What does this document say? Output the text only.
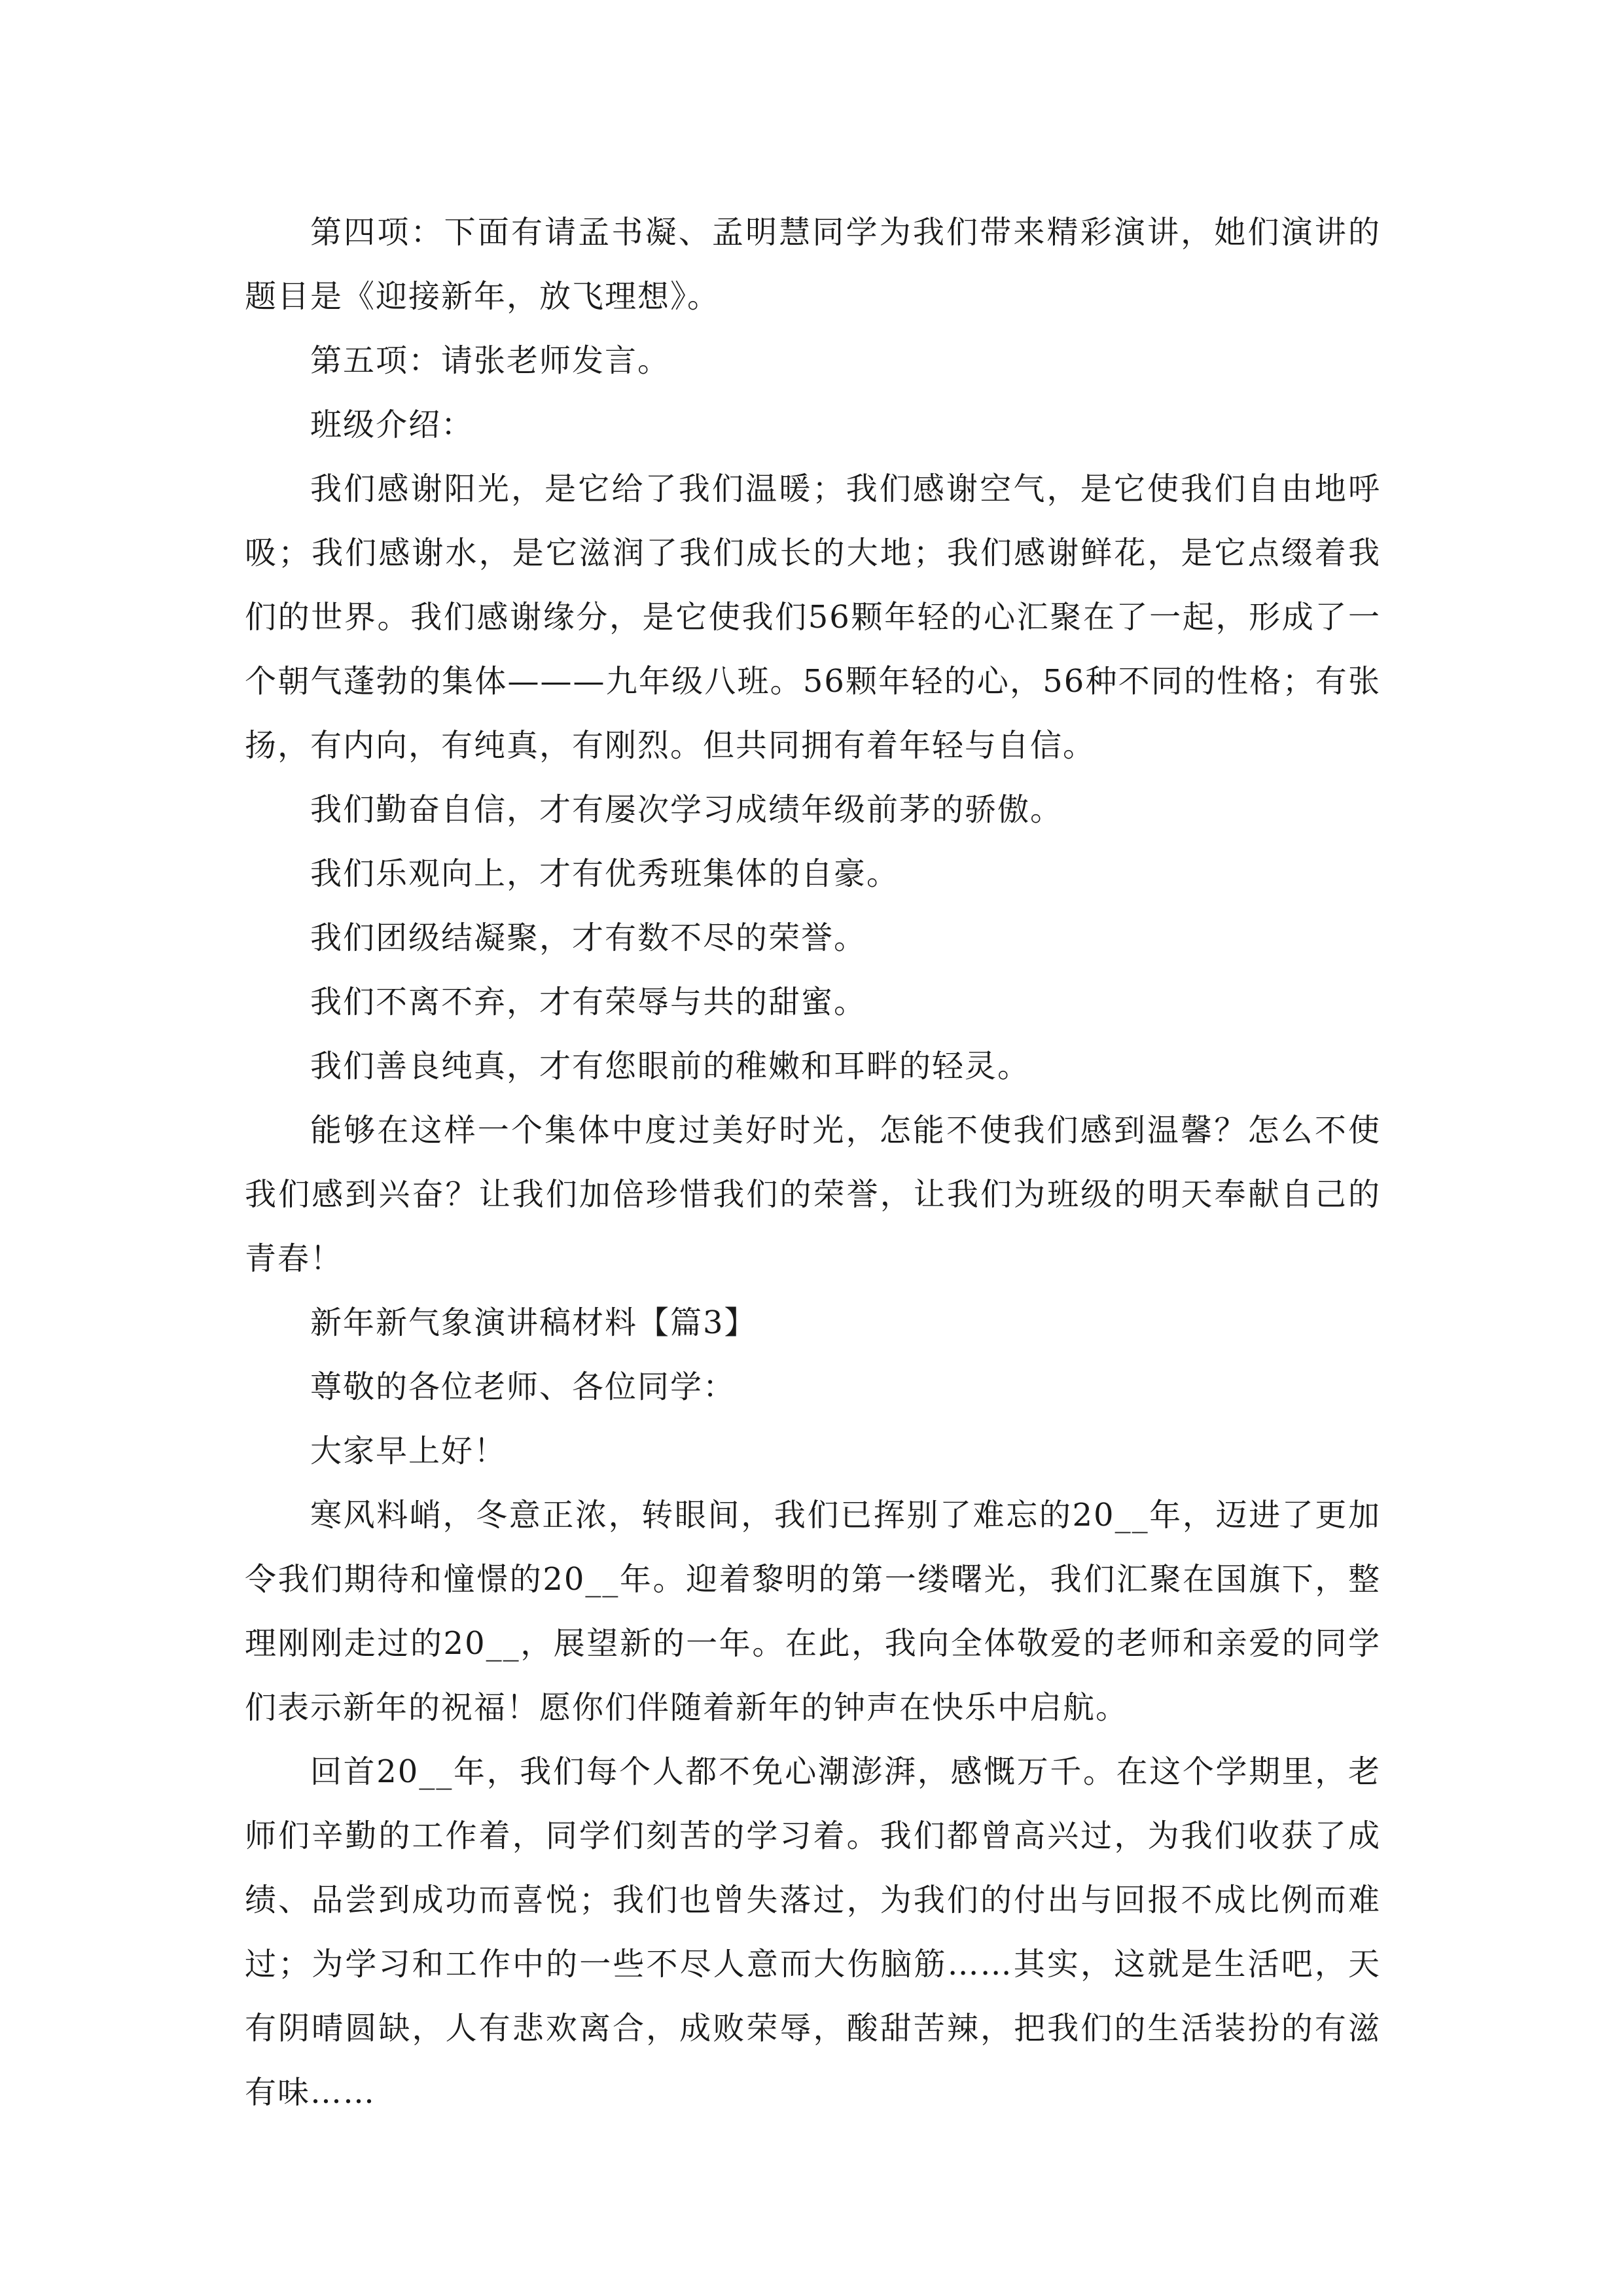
第四项：下面有请孟书凝、孟明慧同学为我们带来精彩演讲，她们演讲的题目是《迎接新年，放飞理想》。

第五项：请张老师发言。

班级介绍：

我们感谢阳光，是它给了我们温暖；我们感谢空气，是它使我们自由地呼吸；我们感谢水，是它滋润了我们成长的大地；我们感谢鲜花，是它点缀着我们的世界。我们感谢缘分，是它使我们56颗年轻的心汇聚在了一起，形成了一个朝气蓬勃的集体———九年级八班。56颗年轻的心，56种不同的性格；有张扬，有内向，有纯真，有刚烈。但共同拥有着年轻与自信。

我们勤奋自信，才有屡次学习成绩年级前茅的骄傲。

我们乐观向上，才有优秀班集体的自豪。

我们团级结凝聚，才有数不尽的荣誉。

我们不离不弃，才有荣辱与共的甜蜜。

我们善良纯真，才有您眼前的稚嫩和耳畔的轻灵。

能够在这样一个集体中度过美好时光，怎能不使我们感到温馨？怎么不使我们感到兴奋？让我们加倍珍惜我们的荣誉，让我们为班级的明天奉献自己的青春！

新年新气象演讲稿材料【篇3】

尊敬的各位老师、各位同学：

大家早上好！

寒风料峭，冬意正浓，转眼间，我们已挥别了难忘的20__年，迈进了更加令我们期待和憧憬的20__年。迎着黎明的第一缕曙光，我们汇聚在国旗下，整理刚刚走过的20__，展望新的一年。在此，我向全体敬爱的老师和亲爱的同学们表示新年的祝福！愿你们伴随着新年的钟声在快乐中启航。

回首20__年，我们每个人都不免心潮澎湃，感慨万千。在这个学期里，老师们辛勤的工作着，同学们刻苦的学习着。我们都曾高兴过，为我们收获了成绩、品尝到成功而喜悦；我们也曾失落过，为我们的付出与回报不成比例而难过；为学习和工作中的一些不尽人意而大伤脑筋……其实，这就是生活吧，天有阴晴圆缺，人有悲欢离合，成败荣辱，酸甜苦辣，把我们的生活装扮的有滋有味……
